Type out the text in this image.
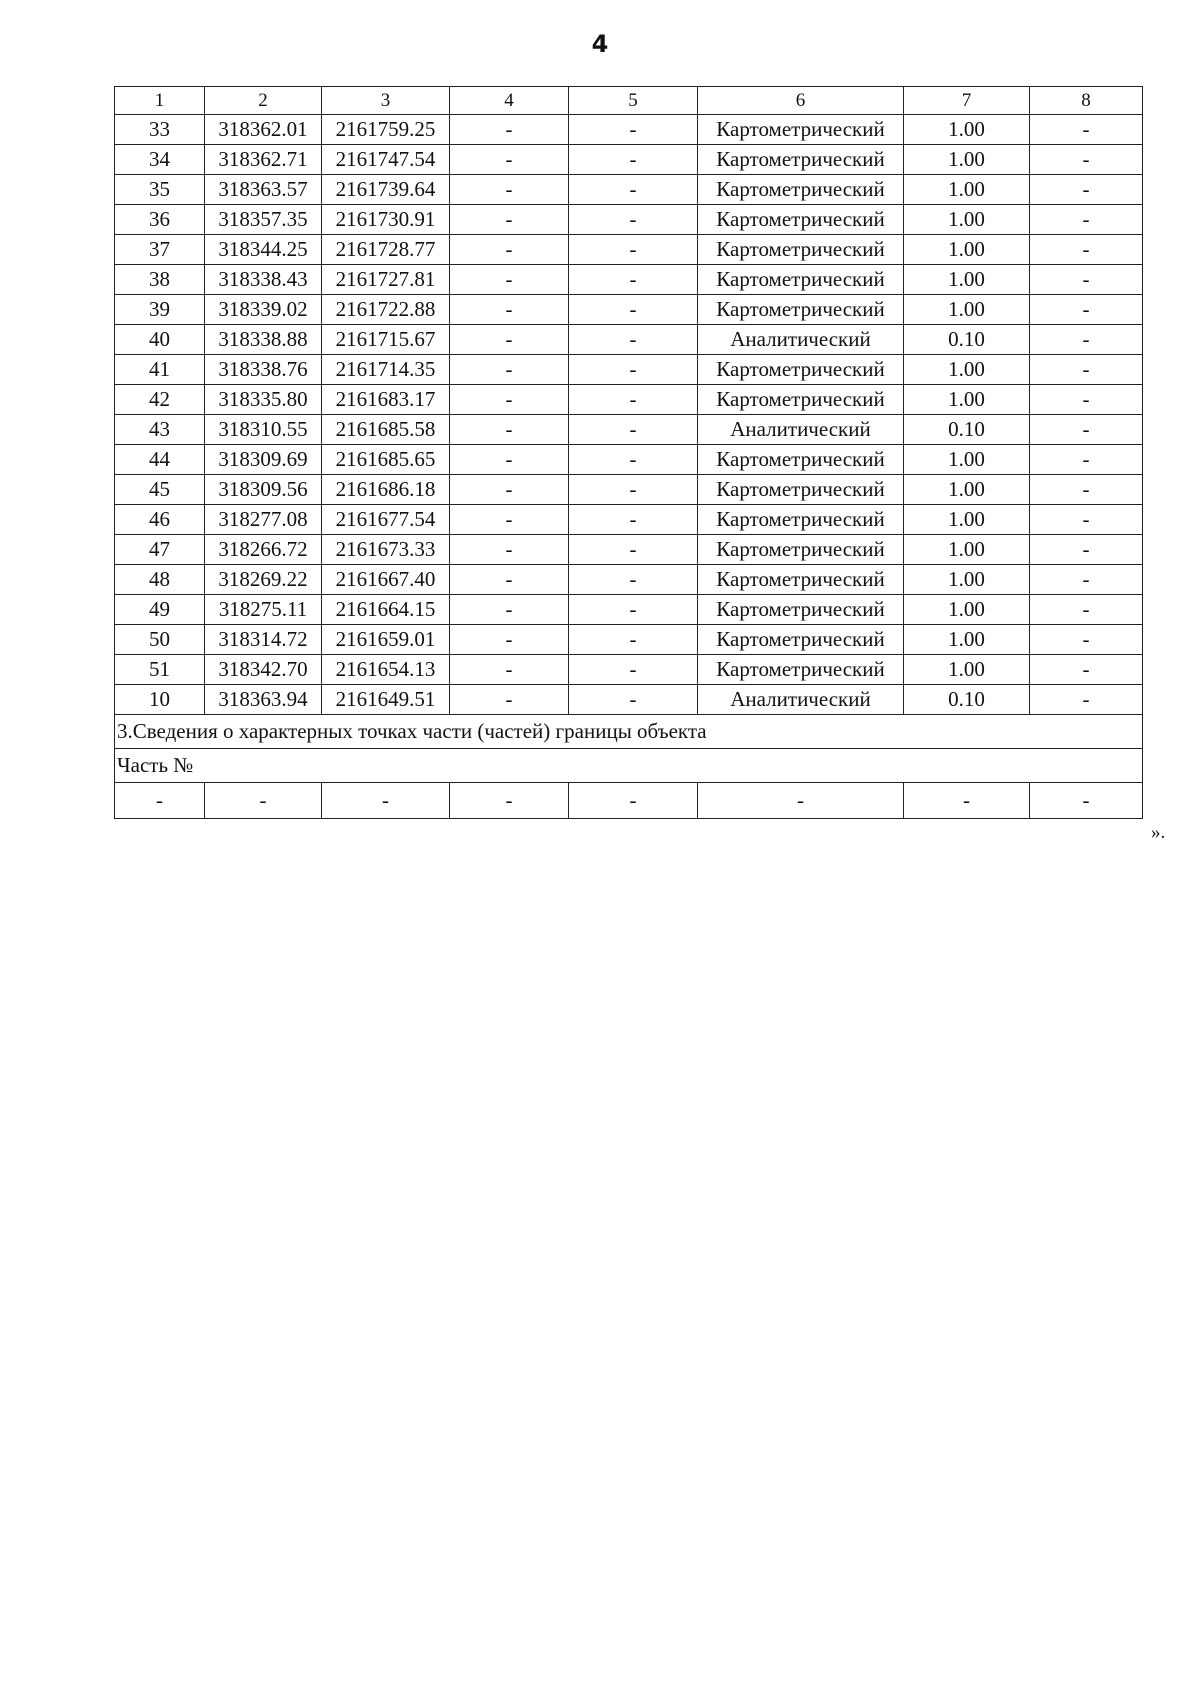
4
1	2	3	4	5	6	7	8
33	318362.01	2161759.25	-	-	Картометрический	1.00	-
34	318362.71	2161747.54	-	-	Картометрический	1.00	-
35	318363.57	2161739.64	-	-	Картометрический	1.00	-
36	318357.35	2161730.91	-	-	Картометрический	1.00	-
37	318344.25	2161728.77	-	-	Картометрический	1.00	-
38	318338.43	2161727.81	-	-	Картометрический	1.00	-
39	318339.02	2161722.88	-	-	Картометрический	1.00	-
40	318338.88	2161715.67	-	-	Аналитический	0.10	-
41	318338.76	2161714.35	-	-	Картометрический	1.00	-
42	318335.80	2161683.17	-	-	Картометрический	1.00	-
43	318310.55	2161685.58	-	-	Аналитический	0.10	-
44	318309.69	2161685.65	-	-	Картометрический	1.00	-
45	318309.56	2161686.18	-	-	Картометрический	1.00	-
46	318277.08	2161677.54	-	-	Картометрический	1.00	-
47	318266.72	2161673.33	-	-	Картометрический	1.00	-
48	318269.22	2161667.40	-	-	Картометрический	1.00	-
49	318275.11	2161664.15	-	-	Картометрический	1.00	-
50	318314.72	2161659.01	-	-	Картометрический	1.00	-
51	318342.70	2161654.13	-	-	Картометрический	1.00	-
10	318363.94	2161649.51	-	-	Аналитический	0.10	-
3.Сведения о характерных точках части (частей) границы объекта							
Часть №							
-	-	-	-	-	-	-	-
».
